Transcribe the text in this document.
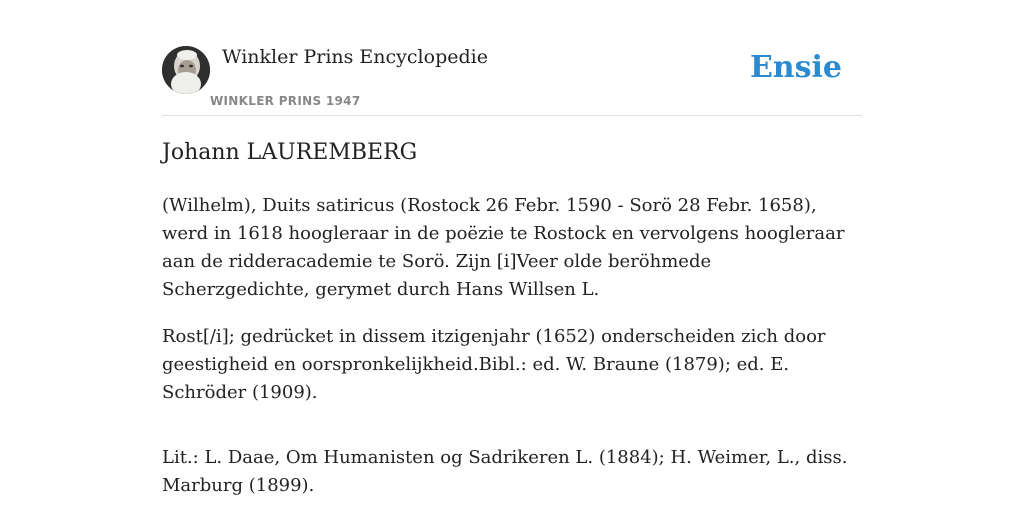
Winkler Prins Encyclopedie
WINKLER PRINS 1947
Ensie
Johann LAUREMBERG

(Wilhelm), Duits satiricus (Rostock 26 Febr. 1590 - Sorö 28 Febr. 1658), werd in 1618 hoogleraar in de poëzie te Rostock en vervolgens hoogleraar aan de ridderacademie te Sorö. Zijn [i]Veer olde beröhmede Scherzgedichte, gerymet durch Hans Willsen L.

Rost[/i]; gedrücket in dissem itzigenjahr (1652) onderscheiden zich door geestigheid en oorspronkelijkheid.Bibl.: ed. W. Braune (1879); ed. E. Schröder (1909).

Lit.: L. Daae, Om Humanisten og Sadrikeren L. (1884); H. Weimer, L., diss. Marburg (1899).
